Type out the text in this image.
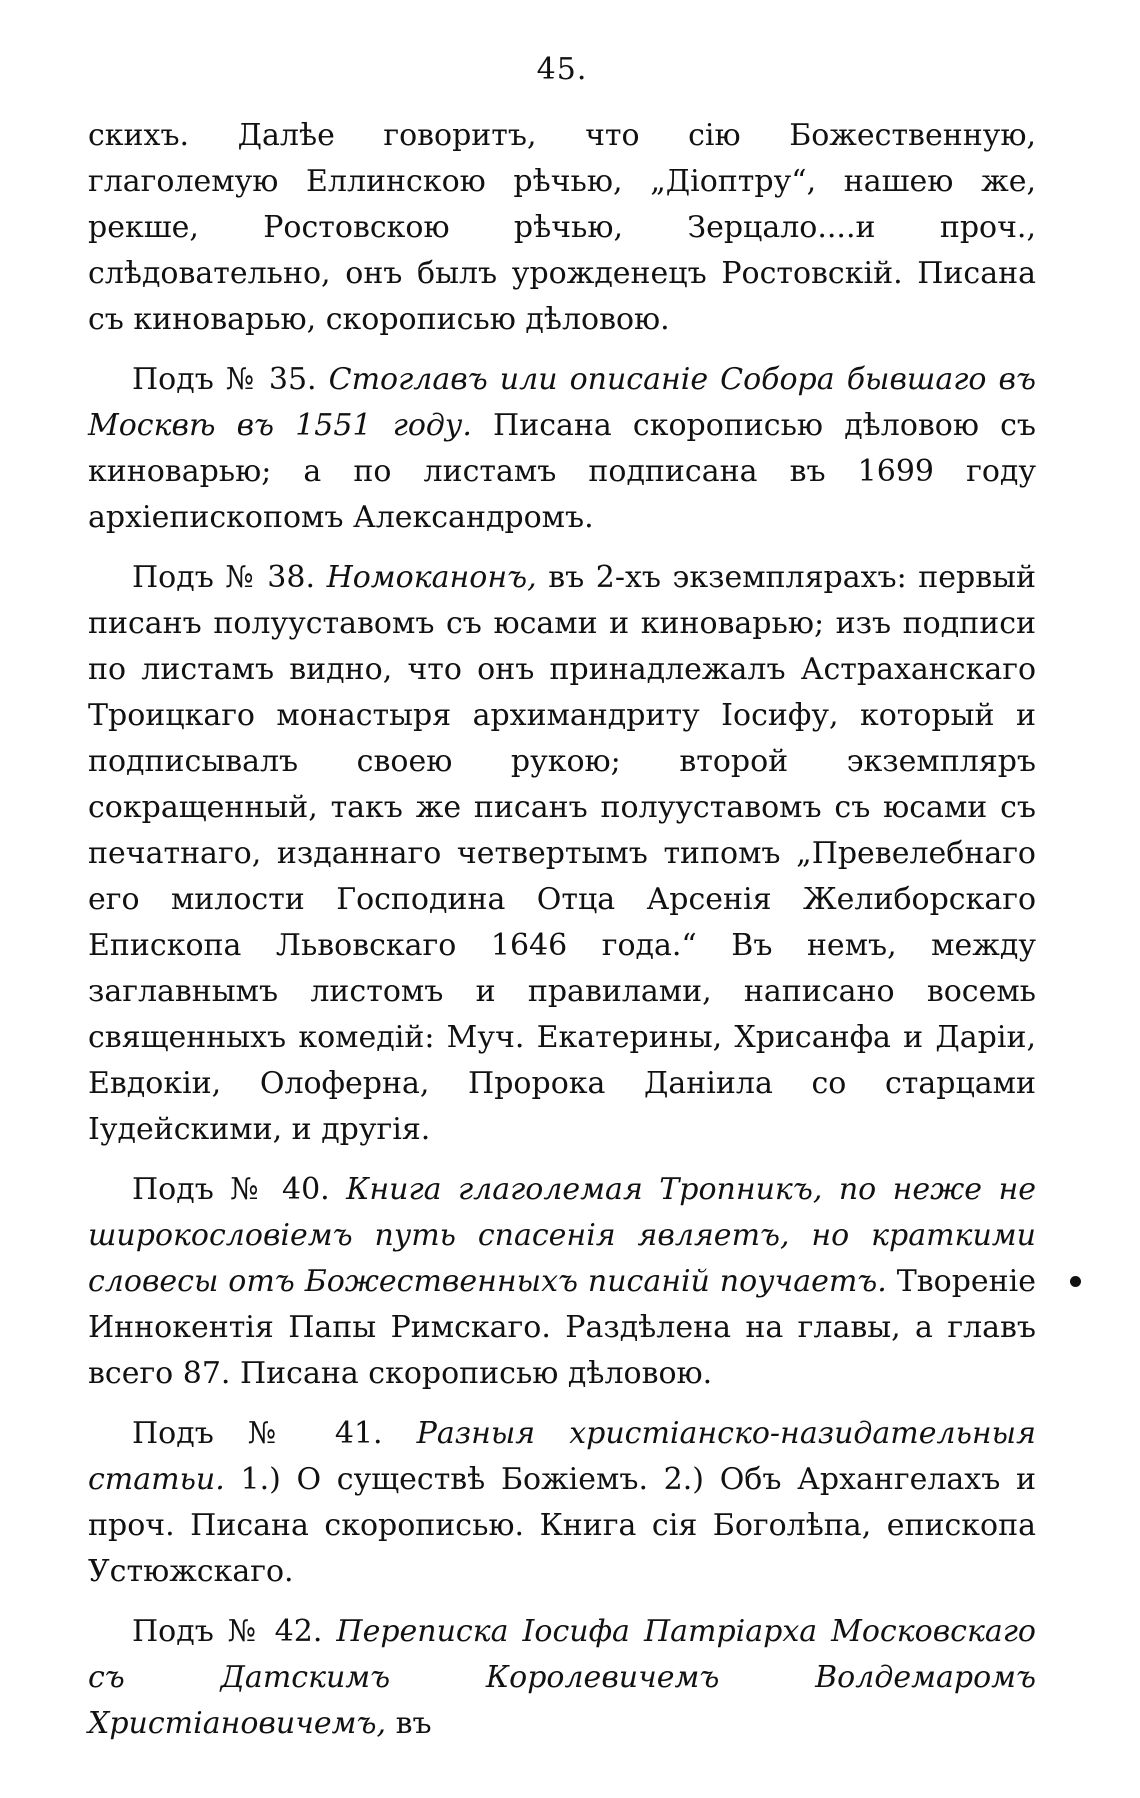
45.

скихъ. Далѣе говоритъ, что сію Божественную, глаголемую Еллинскою рѣчью, „Діоптру“, нашею же, рекше, Ростовскою рѣчью, Зерцало....и проч., слѣдовательно, онъ былъ урожденецъ Ростовскій. Писана съ киноварью, скорописью дѣловою.

Подъ № 35. Стоглавъ или описаніе Собора бывшаго въ Москвѣ въ 1551 году. Писана скорописью дѣловою съ киноварью; а по листамъ подписана въ 1699 году архіепископомъ Александромъ.

Подъ № 38. Номоканонъ, въ 2-хъ экземплярахъ: первый писанъ полууставомъ съ юсами и киноварью; изъ подписи по листамъ видно, что онъ принадлежалъ Астраханскаго Троицкаго монастыря архимандриту Іосифу, который и подписывалъ своею рукою; второй экземпляръ сокращенный, такъ же писанъ полууставомъ съ юсами съ печатнаго, изданнаго четвертымъ типомъ „Превелебнаго его милости Господина Отца Арсенія Желиборскаго Епископа Львовскаго 1646 года.“ Въ немъ, между заглавнымъ листомъ и правилами, написано восемь священныхъ комедій: Муч. Екатерины, Хрисанфа и Даріи, Евдокіи, Олоферна, Пророка Даніила со старцами Іудейскими, и другія.

Подъ № 40. Книга глаголемая Тропникъ, по неже не широкословіемъ путь спасенія являетъ, но краткими словесы отъ Божественныхъ писаній поучаетъ. Твореніе Иннокентія Папы Римскаго. Раздѣлена на главы, а главъ всего 87. Писана скорописью дѣловою.

Подъ № 41. Разныя христіанско-назидательныя статьи. 1.) О существѣ Божіемъ. 2.) Объ Архангелахъ и проч. Писана скорописью. Книга сія Боголѣпа, епископа Устюжскаго.

Подъ № 42. Переписка Іосифа Патріарха Московскаго съ Датскимъ Королевичемъ Волдемаромъ Христіановичемъ, въ
